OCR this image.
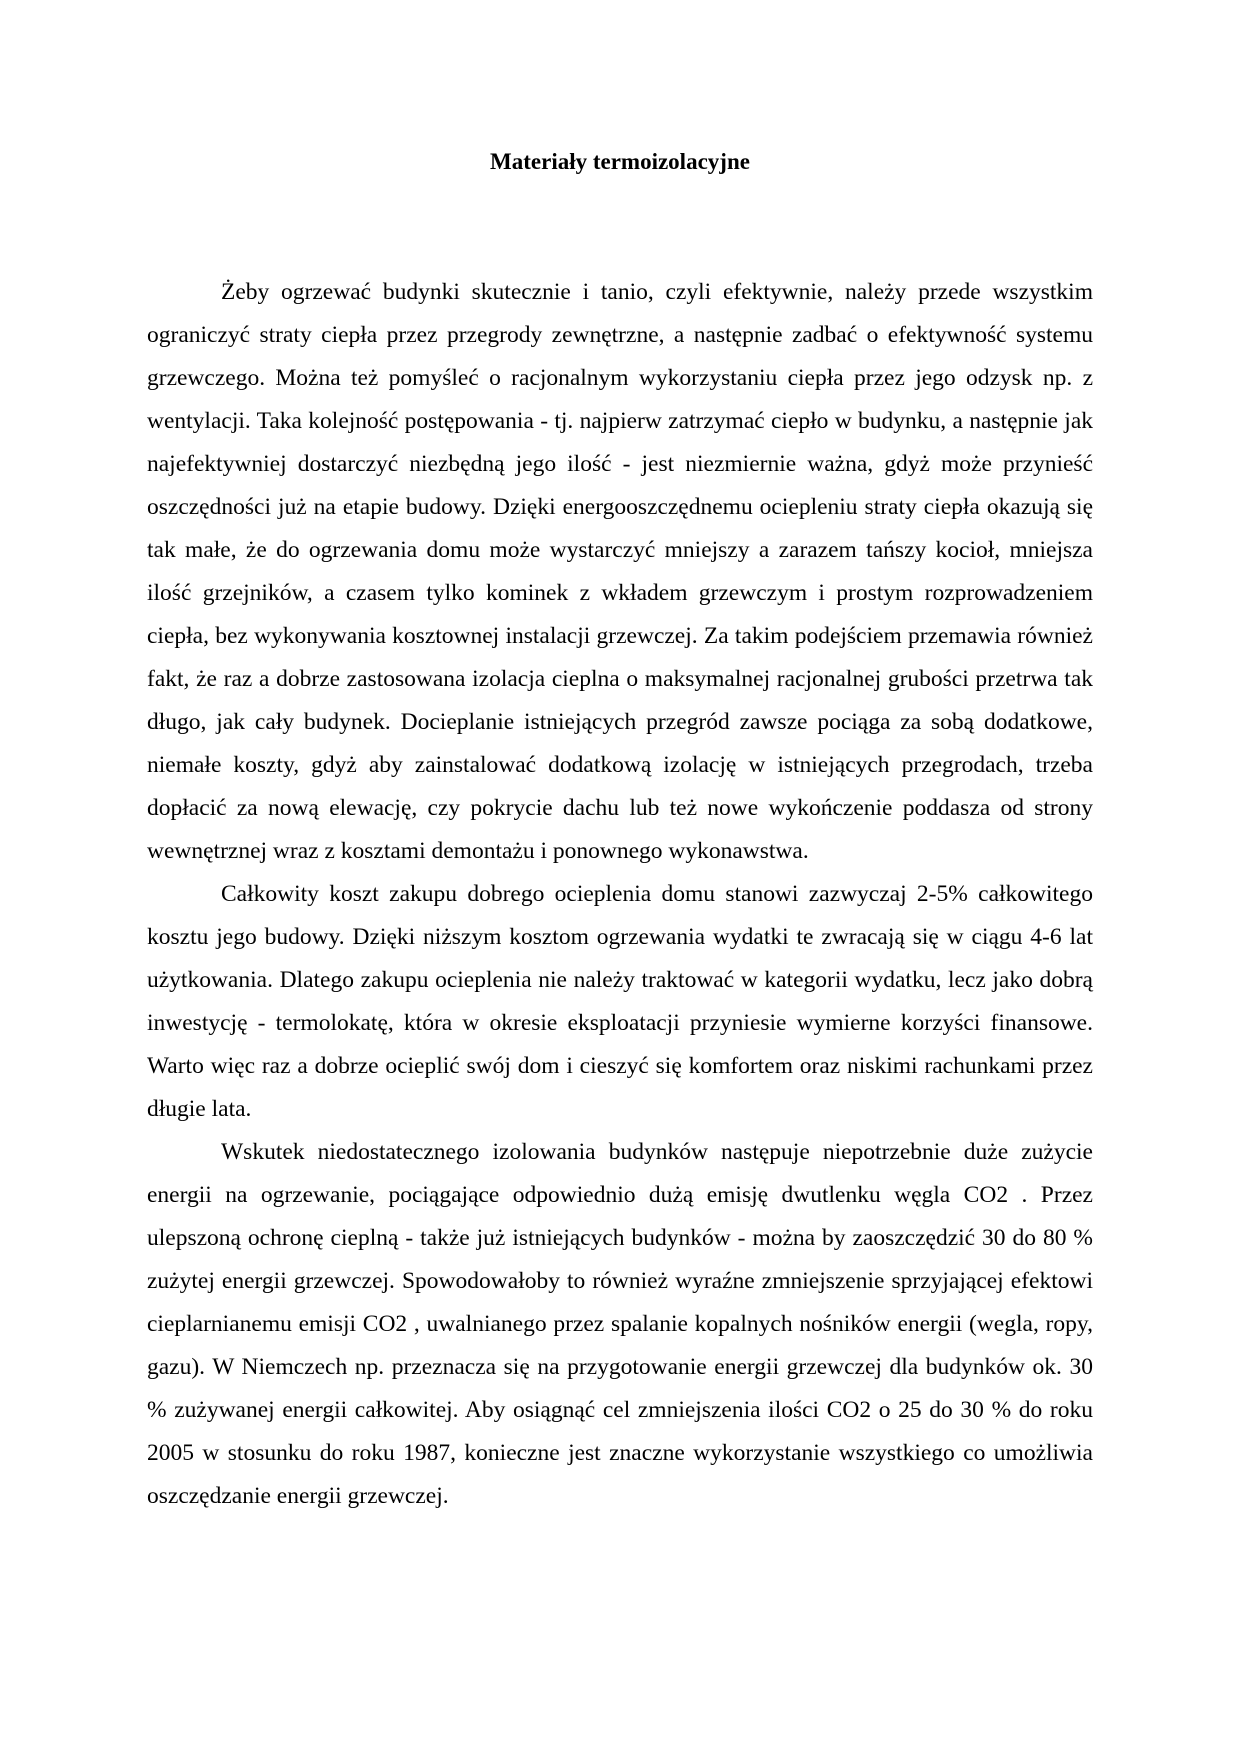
Materiały termoizolacyjne

Żeby ogrzewać budynki skutecznie i tanio, czyli efektywnie, należy przede wszystkim ograniczyć straty ciepła przez przegrody zewnętrzne, a następnie zadbać o efektywność systemu grzewczego. Można też pomyśleć o racjonalnym wykorzystaniu ciepła przez jego odzysk np. z wentylacji. Taka kolejność postępowania - tj. najpierw zatrzymać ciepło w budynku, a następnie jak najefektywniej dostarczyć niezbędną jego ilość - jest niezmiernie ważna, gdyż może przynieść oszczędności już na etapie budowy. Dzięki energooszczędnemu ociepleniu straty ciepła okazują się tak małe, że do ogrzewania domu może wystarczyć mniejszy a zarazem tańszy kocioł, mniejsza ilość grzejników, a czasem tylko kominek z wkładem grzewczym i prostym rozprowadzeniem ciepła, bez wykonywania kosztownej instalacji grzewczej. Za takim podejściem przemawia również fakt, że raz a dobrze zastosowana izolacja cieplna o maksymalnej racjonalnej grubości przetrwa tak długo, jak cały budynek. Docieplanie istniejących przegród zawsze pociąga za sobą dodatkowe, niemałe koszty, gdyż aby zainstalować dodatkową izolację w istniejących przegrodach, trzeba dopłacić za nową elewację, czy pokrycie dachu lub też nowe wykończenie poddasza od strony wewnętrznej wraz z kosztami demontażu i ponownego wykonawstwa.

Całkowity koszt zakupu dobrego ocieplenia domu stanowi zazwyczaj 2-5% całkowitego kosztu jego budowy. Dzięki niższym kosztom ogrzewania wydatki te zwracają się w ciągu 4-6 lat użytkowania. Dlatego zakupu ocieplenia nie należy traktować w kategorii wydatku, lecz jako dobrą inwestycję - termolokatę, która w okresie eksploatacji przyniesie wymierne korzyści finansowe. Warto więc raz a dobrze ocieplić swój dom i cieszyć się komfortem oraz niskimi rachunkami przez długie lata.

Wskutek niedostatecznego izolowania budynków następuje niepotrzebnie duże zużycie energii na ogrzewanie, pociągające odpowiednio dużą emisję dwutlenku węgla CO2 . Przez ulepszoną ochronę cieplną - także już istniejących budynków - można by zaoszczędzić 30 do 80 % zużytej energii grzewczej. Spowodowałoby to również wyraźne zmniejszenie sprzyjającej efektowi cieplarnianemu emisji CO2 , uwalnianego przez spalanie kopalnych nośników energii (wegla, ropy, gazu). W Niemczech np. przeznacza się na przygotowanie energii grzewczej dla budynków ok. 30 % zużywanej energii całkowitej. Aby osiągnąć cel zmniejszenia ilości CO2 o 25 do 30 % do roku 2005 w stosunku do roku 1987, konieczne jest znaczne wykorzystanie wszystkiego co umożliwia oszczędzanie energii grzewczej.
